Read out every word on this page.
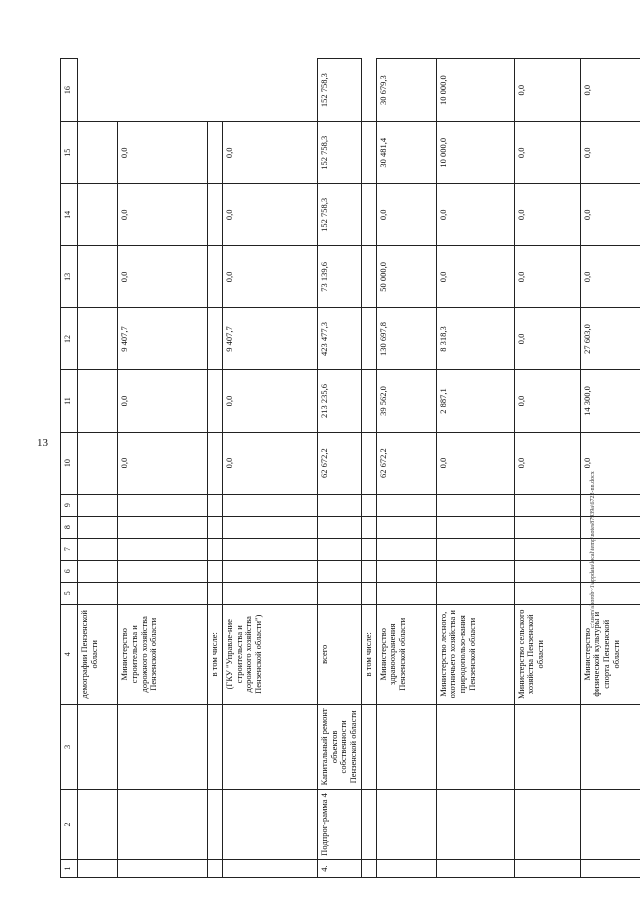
13
1	2	3	4	5	6	7	8	9	10	11	12	13	14	15	16
			демографии Пензенской области												
			Министерство строительства и дорожного хозяйства Пензенской области						0,0	0,0	9 407,7	0,0	0,0	0,0	
			в том числе:												
			(ГКУ "Управле-ние строительства и дорожного хозяйства Пензенской области")						0,0	0,0	9 407,7	0,0	0,0	0,0	
4.	Подпрог-рамма 4	Капитальный ремонт объектов собственности Пензенской области	всего						62 672,2	213 235,6	423 477,3	73 139,6	152 758,3	152 758,3	152 758,3
			в том числе:												
			Министерство здравоохранения Пензенской области						62 672,2	39 562,0	130 697,8	50 000,0	0,0	30 481,4	30 679,3
			Министерство лесного, охотничьего хозяйства и природопользо-вания Пензенской области						0,0	2 887,1	8 318,3	0,0	0,0	10 000,0	10 000,0
			Министерство сельского хозяйства Пензенской области						0,0	0,0	0,0	0,0	0,0	0,0	0,0
			Министерство физической культуры и спорта Пензенской области						0,0	14 300,0	27 603,0	0,0	0,0	0,0	0,0
c:\users\shorob~1\appdata\local\temp\notes87939a\6722-nn.docx
